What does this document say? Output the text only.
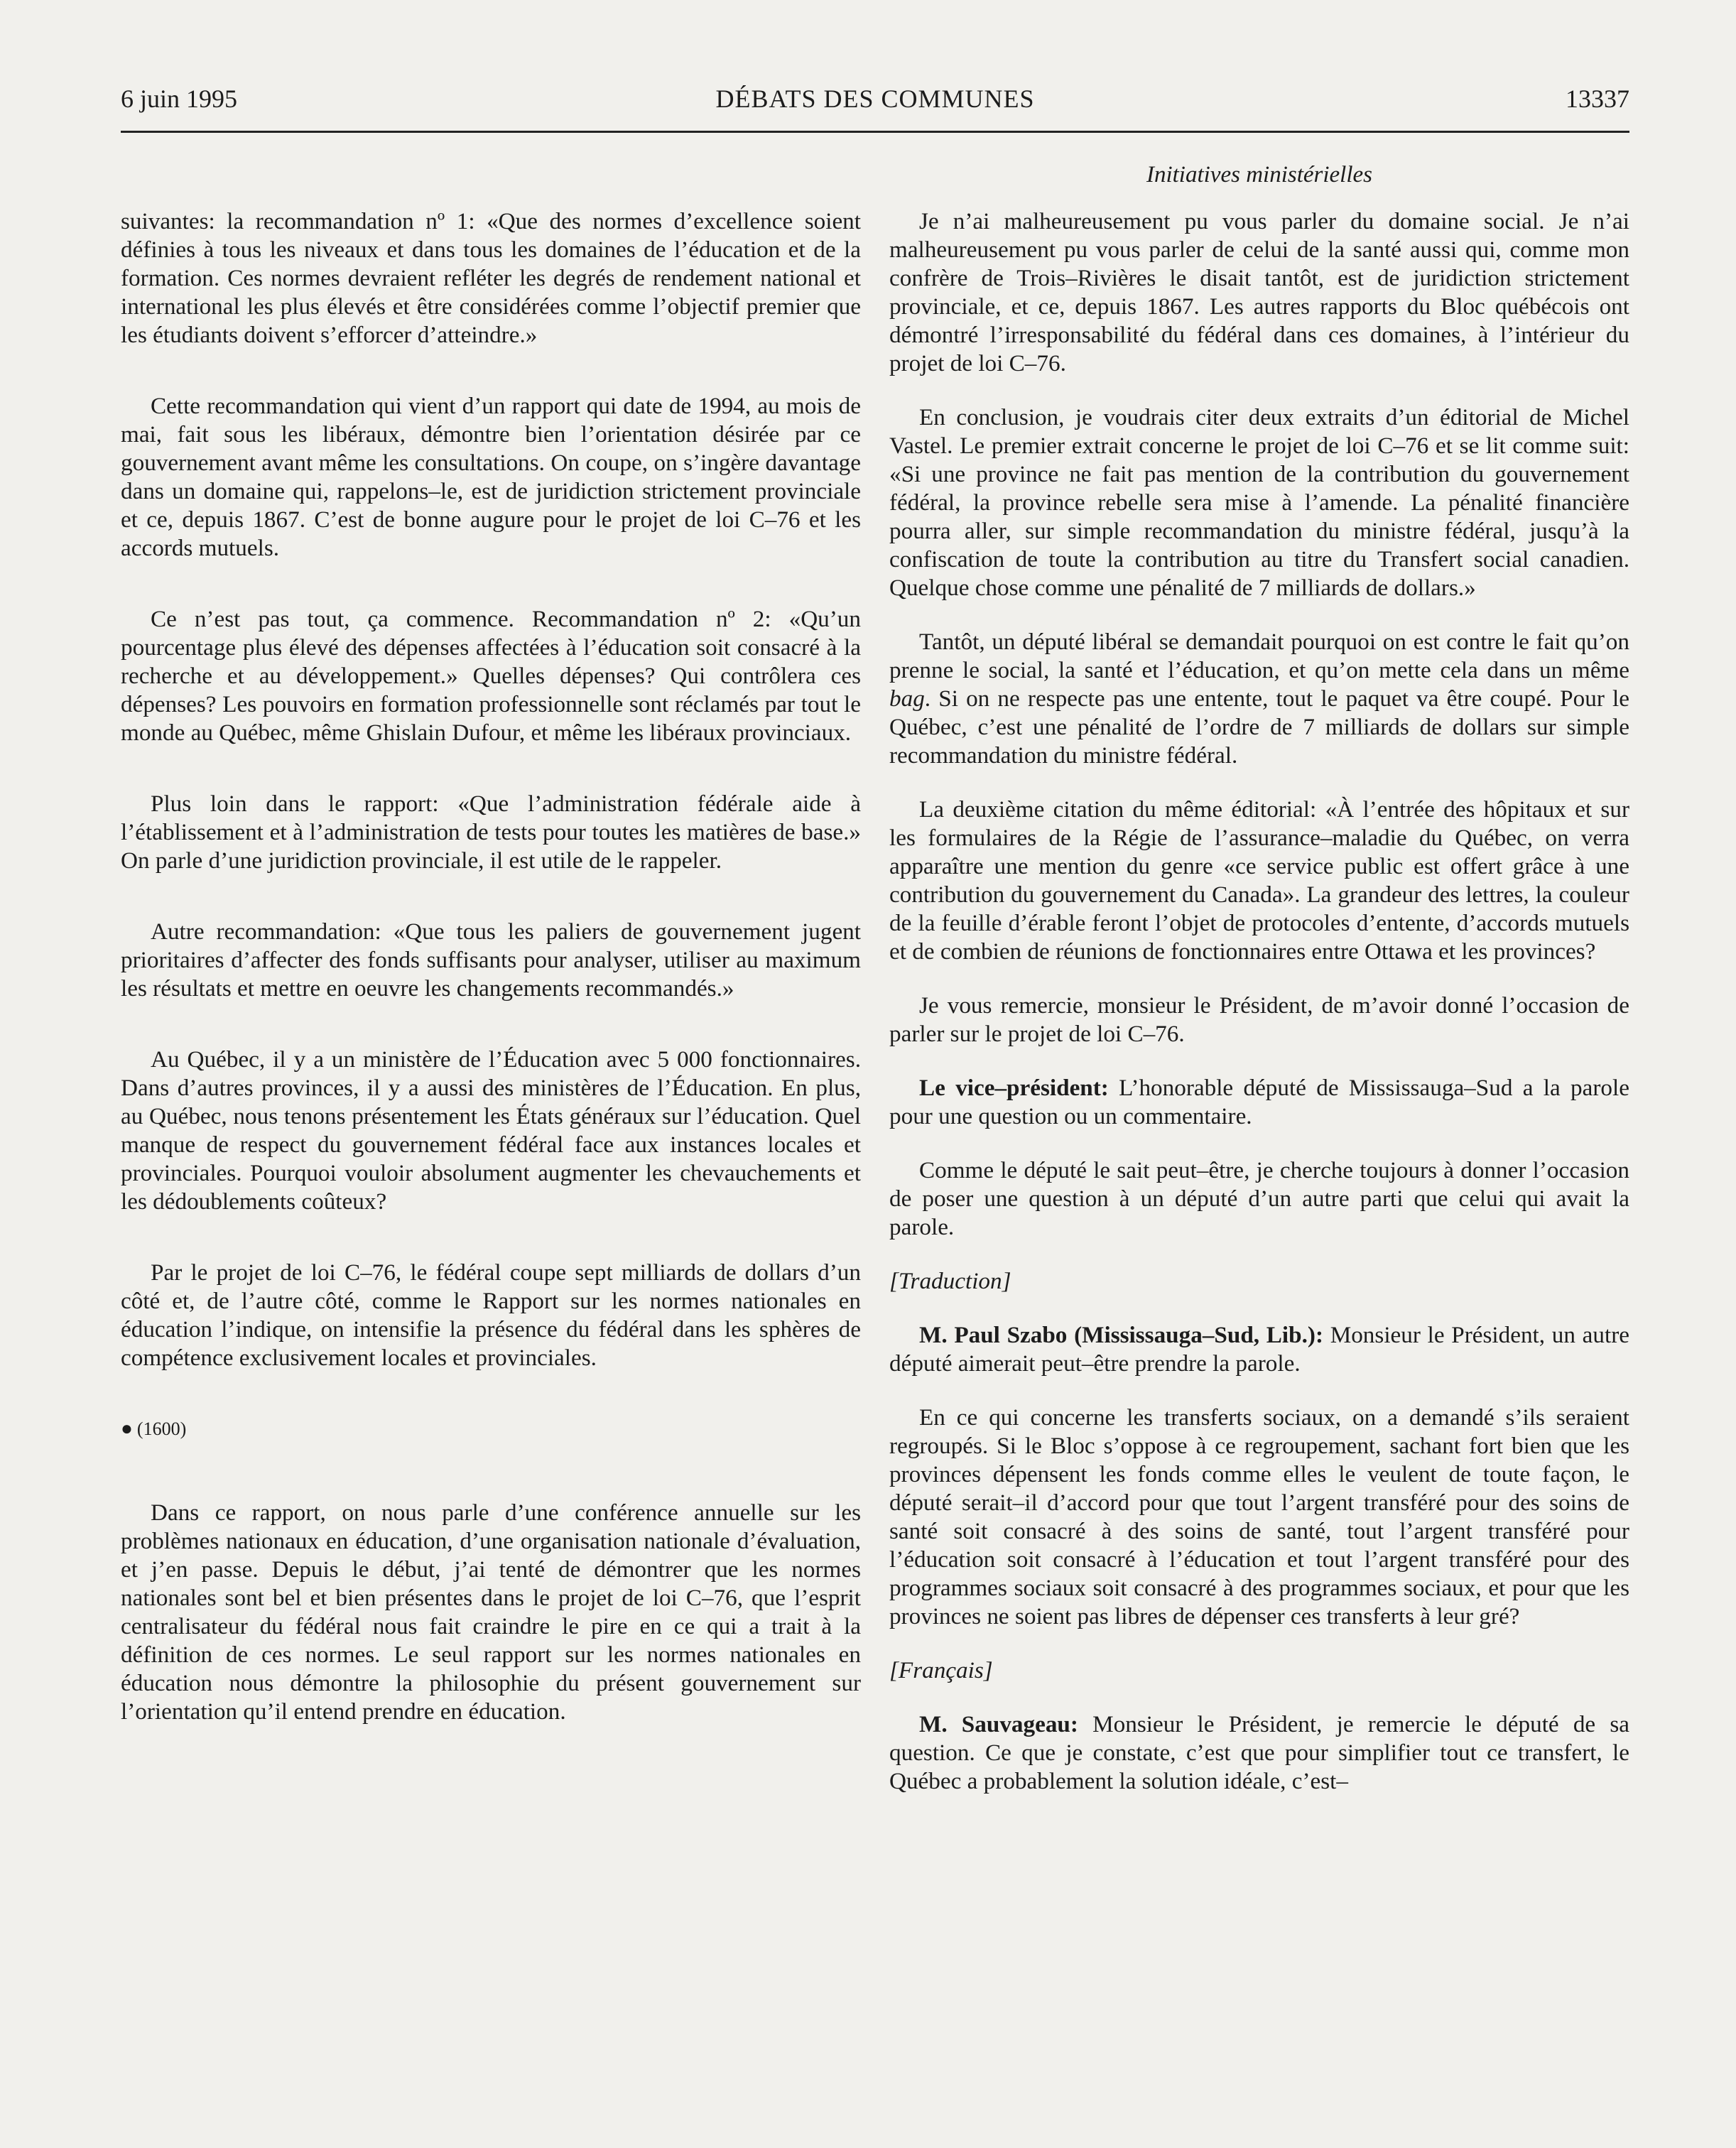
6 juin 1995	DÉBATS DES COMMUNES	13337
Initiatives ministérielles

suivantes: la recommandation nº 1: «Que des normes d’excellence soient définies à tous les niveaux et dans tous les domaines de l’éducation et de la formation. Ces normes devraient refléter les degrés de rendement national et international les plus élevés et être considérées comme l’objectif premier que les étudiants doivent s’efforcer d’atteindre.»

Cette recommandation qui vient d’un rapport qui date de 1994, au mois de mai, fait sous les libéraux, démontre bien l’orientation désirée par ce gouvernement avant même les consultations. On coupe, on s’ingère davantage dans un domaine qui, rappelons–le, est de juridiction strictement provinciale et ce, depuis 1867. C’est de bonne augure pour le projet de loi C–76 et les accords mutuels.

Ce n’est pas tout, ça commence. Recommandation nº 2: «Qu’un pourcentage plus élevé des dépenses affectées à l’éducation soit consacré à la recherche et au développement.» Quelles dépenses? Qui contrôlera ces dépenses? Les pouvoirs en formation professionnelle sont réclamés par tout le monde au Québec, même Ghislain Dufour, et même les libéraux provinciaux.

Plus loin dans le rapport: «Que l’administration fédérale aide à l’établissement et à l’administration de tests pour toutes les matières de base.» On parle d’une juridiction provinciale, il est utile de le rappeler.

Autre recommandation: «Que tous les paliers de gouvernement jugent prioritaires d’affecter des fonds suffisants pour analyser, utiliser au maximum les résultats et mettre en oeuvre les changements recommandés.»

Au Québec, il y a un ministère de l’Éducation avec 5 000 fonctionnaires. Dans d’autres provinces, il y a aussi des ministères de l’Éducation. En plus, au Québec, nous tenons présentement les États généraux sur l’éducation. Quel manque de respect du gouvernement fédéral face aux instances locales et provinciales. Pourquoi vouloir absolument augmenter les chevauchements et les dédoublements coûteux?

Par le projet de loi C–76, le fédéral coupe sept milliards de dollars d’un côté et, de l’autre côté, comme le Rapport sur les normes nationales en éducation l’indique, on intensifie la présence du fédéral dans les sphères de compétence exclusivement locales et provinciales.

● (1600)

Dans ce rapport, on nous parle d’une conférence annuelle sur les problèmes nationaux en éducation, d’une organisation nationale d’évaluation, et j’en passe. Depuis le début, j’ai tenté de démontrer que les normes nationales sont bel et bien présentes dans le projet de loi C–76, que l’esprit centralisateur du fédéral nous fait craindre le pire en ce qui a trait à la définition de ces normes. Le seul rapport sur les normes nationales en éducation nous démontre la philosophie du présent gouvernement sur l’orientation qu’il entend prendre en éducation.

Je n’ai malheureusement pu vous parler du domaine social. Je n’ai malheureusement pu vous parler de celui de la santé aussi qui, comme mon confrère de Trois–Rivières le disait tantôt, est de juridiction strictement provinciale, et ce, depuis 1867. Les autres rapports du Bloc québécois ont démontré l’irresponsabilité du fédéral dans ces domaines, à l’intérieur du projet de loi C–76.

En conclusion, je voudrais citer deux extraits d’un éditorial de Michel Vastel. Le premier extrait concerne le projet de loi C–76 et se lit comme suit: «Si une province ne fait pas mention de la contribution du gouvernement fédéral, la province rebelle sera mise à l’amende. La pénalité financière pourra aller, sur simple recommandation du ministre fédéral, jusqu’à la confiscation de toute la contribution au titre du Transfert social canadien. Quelque chose comme une pénalité de 7 milliards de dollars.»

Tantôt, un député libéral se demandait pourquoi on est contre le fait qu’on prenne le social, la santé et l’éducation, et qu’on mette cela dans un même bag. Si on ne respecte pas une entente, tout le paquet va être coupé. Pour le Québec, c’est une pénalité de l’ordre de 7 milliards de dollars sur simple recommandation du ministre fédéral.

La deuxième citation du même éditorial: «À l’entrée des hôpitaux et sur les formulaires de la Régie de l’assurance–maladie du Québec, on verra apparaître une mention du genre «ce service public est offert grâce à une contribution du gouvernement du Canada». La grandeur des lettres, la couleur de la feuille d’érable feront l’objet de protocoles d’entente, d’accords mutuels et de combien de réunions de fonctionnaires entre Ottawa et les provinces?

Je vous remercie, monsieur le Président, de m’avoir donné l’occasion de parler sur le projet de loi C–76.

Le vice–président: L’honorable député de Mississauga–Sud a la parole pour une question ou un commentaire.

Comme le député le sait peut–être, je cherche toujours à donner l’occasion de poser une question à un député d’un autre parti que celui qui avait la parole.

[Traduction]

M. Paul Szabo (Mississauga–Sud, Lib.): Monsieur le Président, un autre député aimerait peut–être prendre la parole.

En ce qui concerne les transferts sociaux, on a demandé s’ils seraient regroupés. Si le Bloc s’oppose à ce regroupement, sachant fort bien que les provinces dépensent les fonds comme elles le veulent de toute façon, le député serait–il d’accord pour que tout l’argent transféré pour des soins de santé soit consacré à des soins de santé, tout l’argent transféré pour l’éducation soit consacré à l’éducation et tout l’argent transféré pour des programmes sociaux soit consacré à des programmes sociaux, et pour que les provinces ne soient pas libres de dépenser ces transferts à leur gré?

[Français]

M. Sauvageau: Monsieur le Président, je remercie le député de sa question. Ce que je constate, c’est que pour simplifier tout ce transfert, le Québec a probablement la solution idéale, c’est–
